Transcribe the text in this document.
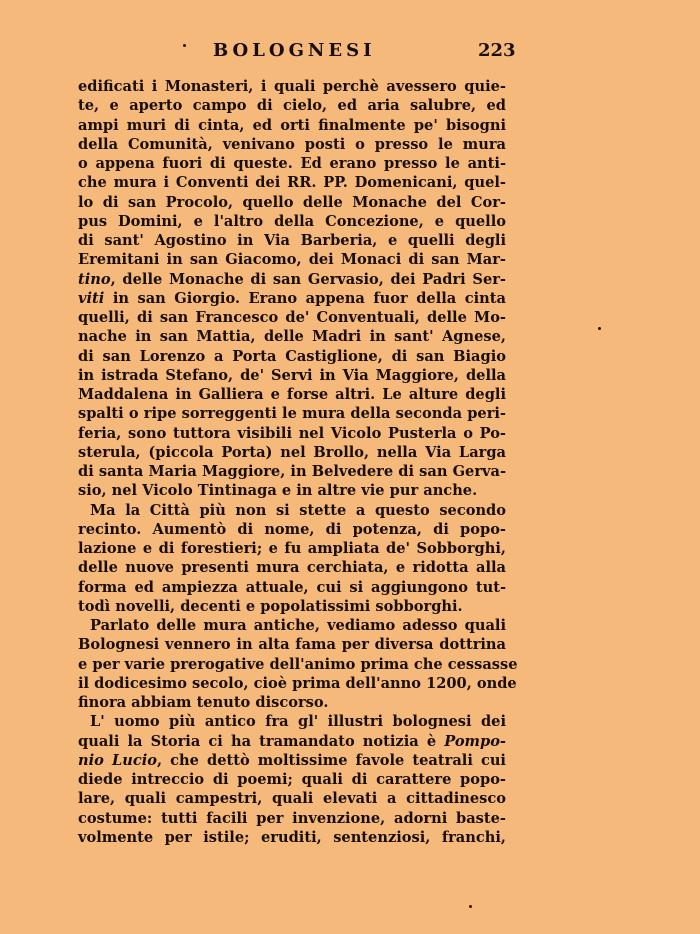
BOLOGNESI	223
edificati i Monasteri, i quali perchè avessero quie-
te, e aperto campo di cielo, ed aria salubre, ed
ampi muri di cinta, ed orti finalmente pe' bisogni
della Comunità, venivano posti o presso le mura
o appena fuori di queste. Ed erano presso le anti-
che mura i Conventi dei RR. PP. Domenicani, quel-
lo di san Procolo, quello delle Monache del Cor-
pus Domini, e l'altro della Concezione, e quello
di sant' Agostino in Via Barberia, e quelli degli
Eremitani in san Giacomo, dei Monaci di san Mar-
tino, delle Monache di san Gervasio, dei Padri Ser-
viti in san Giorgio. Erano appena fuor della cinta
quelli, di san Francesco de' Conventuali, delle Mo-
nache in san Mattia, delle Madri in sant' Agnese,
di san Lorenzo a Porta Castiglione, di san Biagio
in istrada Stefano, de' Servi in Via Maggiore, della
Maddalena in Galliera e forse altri. Le alture degli
spalti o ripe sorreggenti le mura della seconda peri-
feria, sono tuttora visibili nel Vicolo Pusterla o Po-
sterula, (piccola Porta) nel Brollo, nella Via Larga
di santa Maria Maggiore, in Belvedere di san Gerva-
sio, nel Vicolo Tintinaga e in altre vie pur anche.
Ma la Città più non si stette a questo secondo
recinto. Aumentò di nome, di potenza, di popo-
lazione e di forestieri; e fu ampliata de' Sobborghi,
delle nuove presenti mura cerchiata, e ridotta alla
forma ed ampiezza attuale, cui si aggiungono tut-
todì novelli, decenti e popolatissimi sobborghi.
Parlato delle mura antiche, vediamo adesso quali
Bolognesi vennero in alta fama per diversa dottrina
e per varie prerogative dell'animo prima che cessasse
il dodicesimo secolo, cioè prima dell'anno 1200, onde
finora abbiam tenuto discorso.
L' uomo più antico fra gl' illustri bolognesi dei
quali la Storia ci ha tramandato notizia è Pompo-
nio Lucio, che dettò moltissime favole teatrali cui
diede intreccio di poemi; quali di carattere popo-
lare, quali campestri, quali elevati a cittadinesco
costume: tutti facili per invenzione, adorni baste-
volmente per istile; eruditi, sentenziosi, franchi,
